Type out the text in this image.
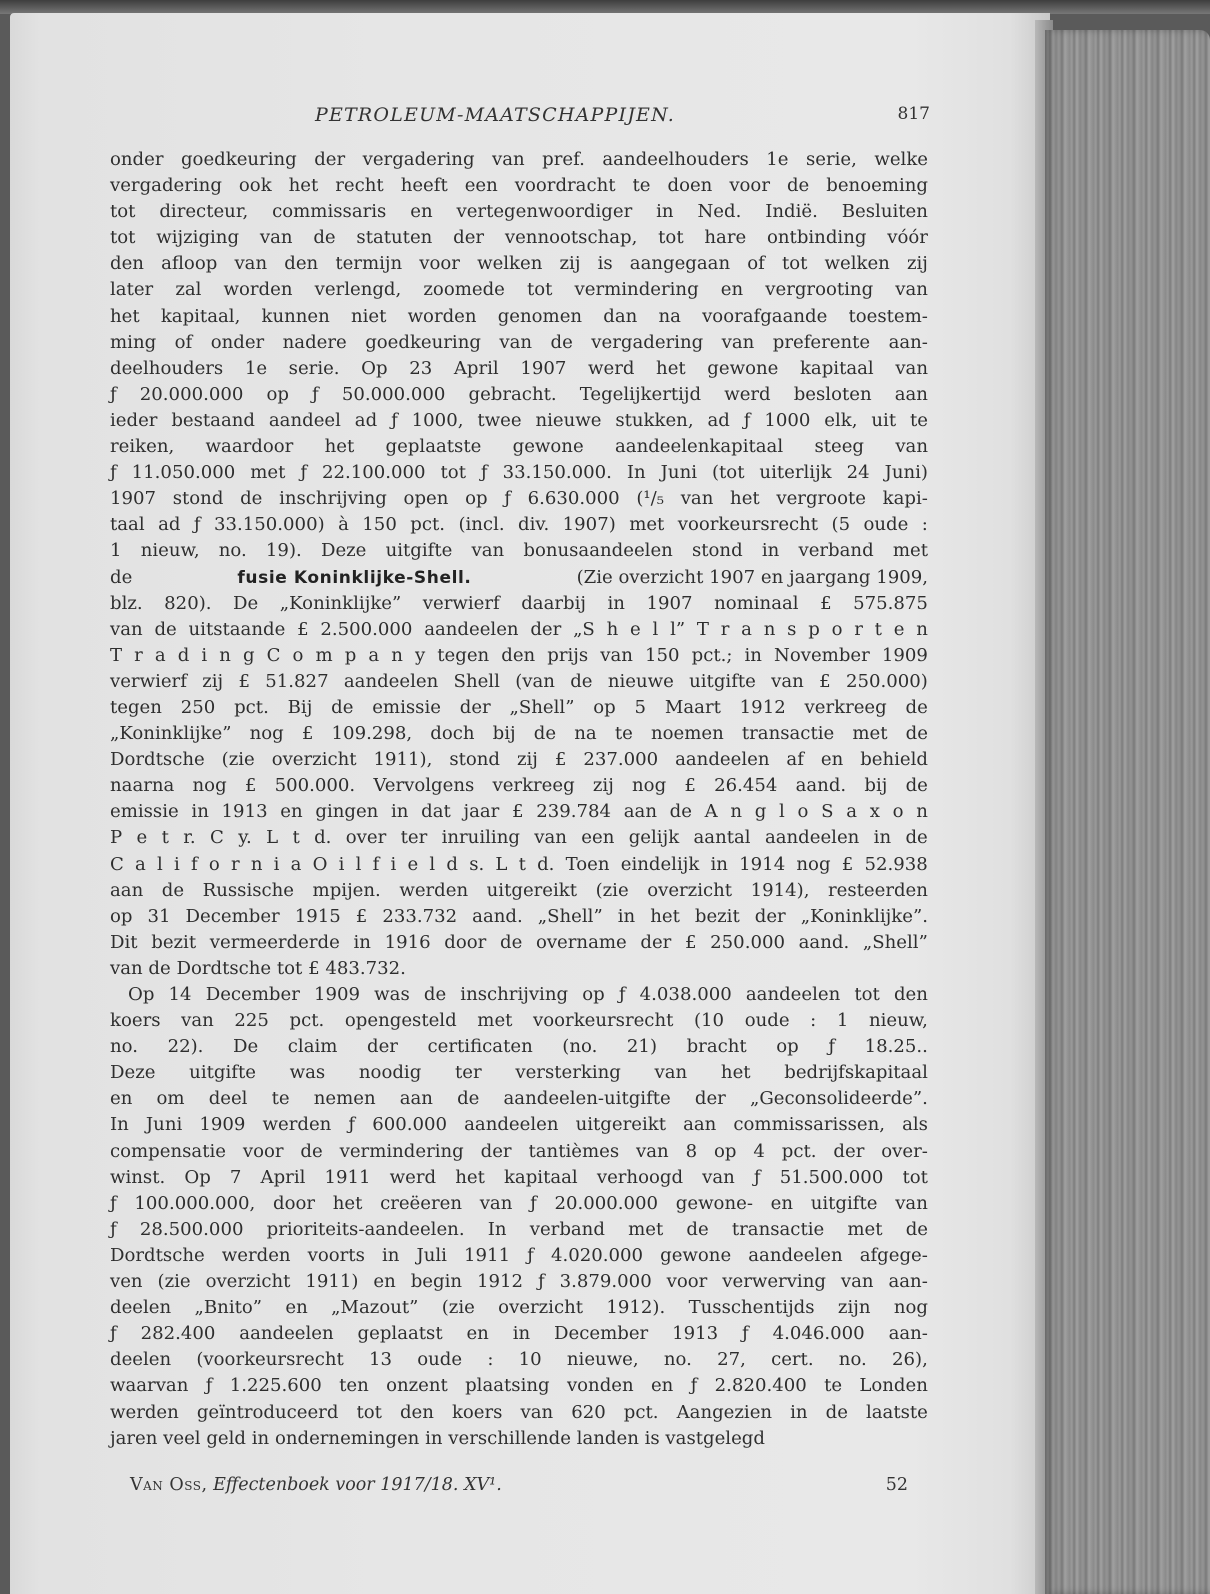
PETROLEUM-MAATSCHAPPIJEN.	817
onder goedkeuring der vergadering van pref. aandeelhouders 1e serie, welke
vergadering ook het recht heeft een voordracht te doen voor de benoeming
tot directeur, commissaris en vertegenwoordiger in Ned. Indië. Besluiten
tot wijziging van de statuten der vennootschap, tot hare ontbinding vóór
den afloop van den termijn voor welken zij is aangegaan of tot welken zij
later zal worden verlengd, zoomede tot vermindering en vergrooting van
het kapitaal, kunnen niet worden genomen dan na voorafgaande toestem-
ming of onder nadere goedkeuring van de vergadering van preferente aan-
deelhouders 1e serie. Op 23 April 1907 werd het gewone kapitaal van
ƒ 20.000.000 op ƒ 50.000.000 gebracht. Tegelijkertijd werd besloten aan
ieder bestaand aandeel ad ƒ 1000, twee nieuwe stukken, ad ƒ 1000 elk, uit te
reiken, waardoor het geplaatste gewone aandeelenkapitaal steeg van
ƒ 11.050.000 met ƒ 22.100.000 tot ƒ 33.150.000. In Juni (tot uiterlijk 24 Juni)
1907 stond de inschrijving open op ƒ 6.630.000 (¹/₅ van het vergroote kapi-
taal ad ƒ 33.150.000) à 150 pct. (incl. div. 1907) met voorkeursrecht (5 oude :
1 nieuw, no. 19). Deze uitgifte van bonusaandeelen stond in verband met
de	fusie Koninklijke-Shell.	(Zie overzicht 1907 en jaargang 1909,
blz. 820). De „Koninklijke” verwierf daarbij in 1907 nominaal £ 575.875
van de uitstaande £ 2.500.000 aandeelen der „S h e l l” T r a n s p o r t e n
T r a d i n g C o m p a n y tegen den prijs van 150 pct.; in November 1909
verwierf zij £ 51.827 aandeelen Shell (van de nieuwe uitgifte van £ 250.000)
tegen 250 pct. Bij de emissie der „Shell” op 5 Maart 1912 verkreeg de
„Koninklijke” nog £ 109.298, doch bij de na te noemen transactie met de
Dordtsche (zie overzicht 1911), stond zij £ 237.000 aandeelen af en behield
naarna nog £ 500.000. Vervolgens verkreeg zij nog £ 26.454 aand. bij de
emissie in 1913 en gingen in dat jaar £ 239.784 aan de A n g l o S a x o n
P e t r. C y. L t d. over ter inruiling van een gelijk aantal aandeelen in de
C a l i f o r n i a O i l f i e l d s. L t d. Toen eindelijk in 1914 nog £ 52.938
aan de Russische mpijen. werden uitgereikt (zie overzicht 1914), resteerden
op 31 December 1915 £ 233.732 aand. „Shell” in het bezit der „Koninklijke”.
Dit bezit vermeerderde in 1916 door de overname der £ 250.000 aand. „Shell”
van de Dordtsche tot £ 483.732.
Op 14 December 1909 was de inschrijving op ƒ 4.038.000 aandeelen tot den
koers van 225 pct. opengesteld met voorkeursrecht (10 oude : 1 nieuw,
no. 22). De claim der certificaten (no. 21) bracht op ƒ 18.25..
Deze uitgifte was noodig ter versterking van het bedrijfskapitaal
en om deel te nemen aan de aandeelen-uitgifte der „Geconsolideerde”.
In Juni 1909 werden ƒ 600.000 aandeelen uitgereikt aan commissarissen, als
compensatie voor de vermindering der tantièmes van 8 op 4 pct. der over-
winst. Op 7 April 1911 werd het kapitaal verhoogd van ƒ 51.500.000 tot
ƒ 100.000.000, door het creëeren van ƒ 20.000.000 gewone- en uitgifte van
ƒ 28.500.000 prioriteits-aandeelen. In verband met de transactie met de
Dordtsche werden voorts in Juli 1911 ƒ 4.020.000 gewone aandeelen afgege-
ven (zie overzicht 1911) en begin 1912 ƒ 3.879.000 voor verwerving van aan-
deelen „Bnito” en „Mazout” (zie overzicht 1912). Tusschentijds zijn nog
ƒ 282.400 aandeelen geplaatst en in December 1913 ƒ 4.046.000 aan-
deelen (voorkeursrecht 13 oude : 10 nieuwe, no. 27, cert. no. 26),
waarvan ƒ 1.225.600 ten onzent plaatsing vonden en ƒ 2.820.400 te Londen
werden geïntroduceerd tot den koers van 620 pct. Aangezien in de laatste
jaren veel geld in ondernemingen in verschillende landen is vastgelegd
Van Oss, Effectenboek voor 1917/18. XV¹.	52
